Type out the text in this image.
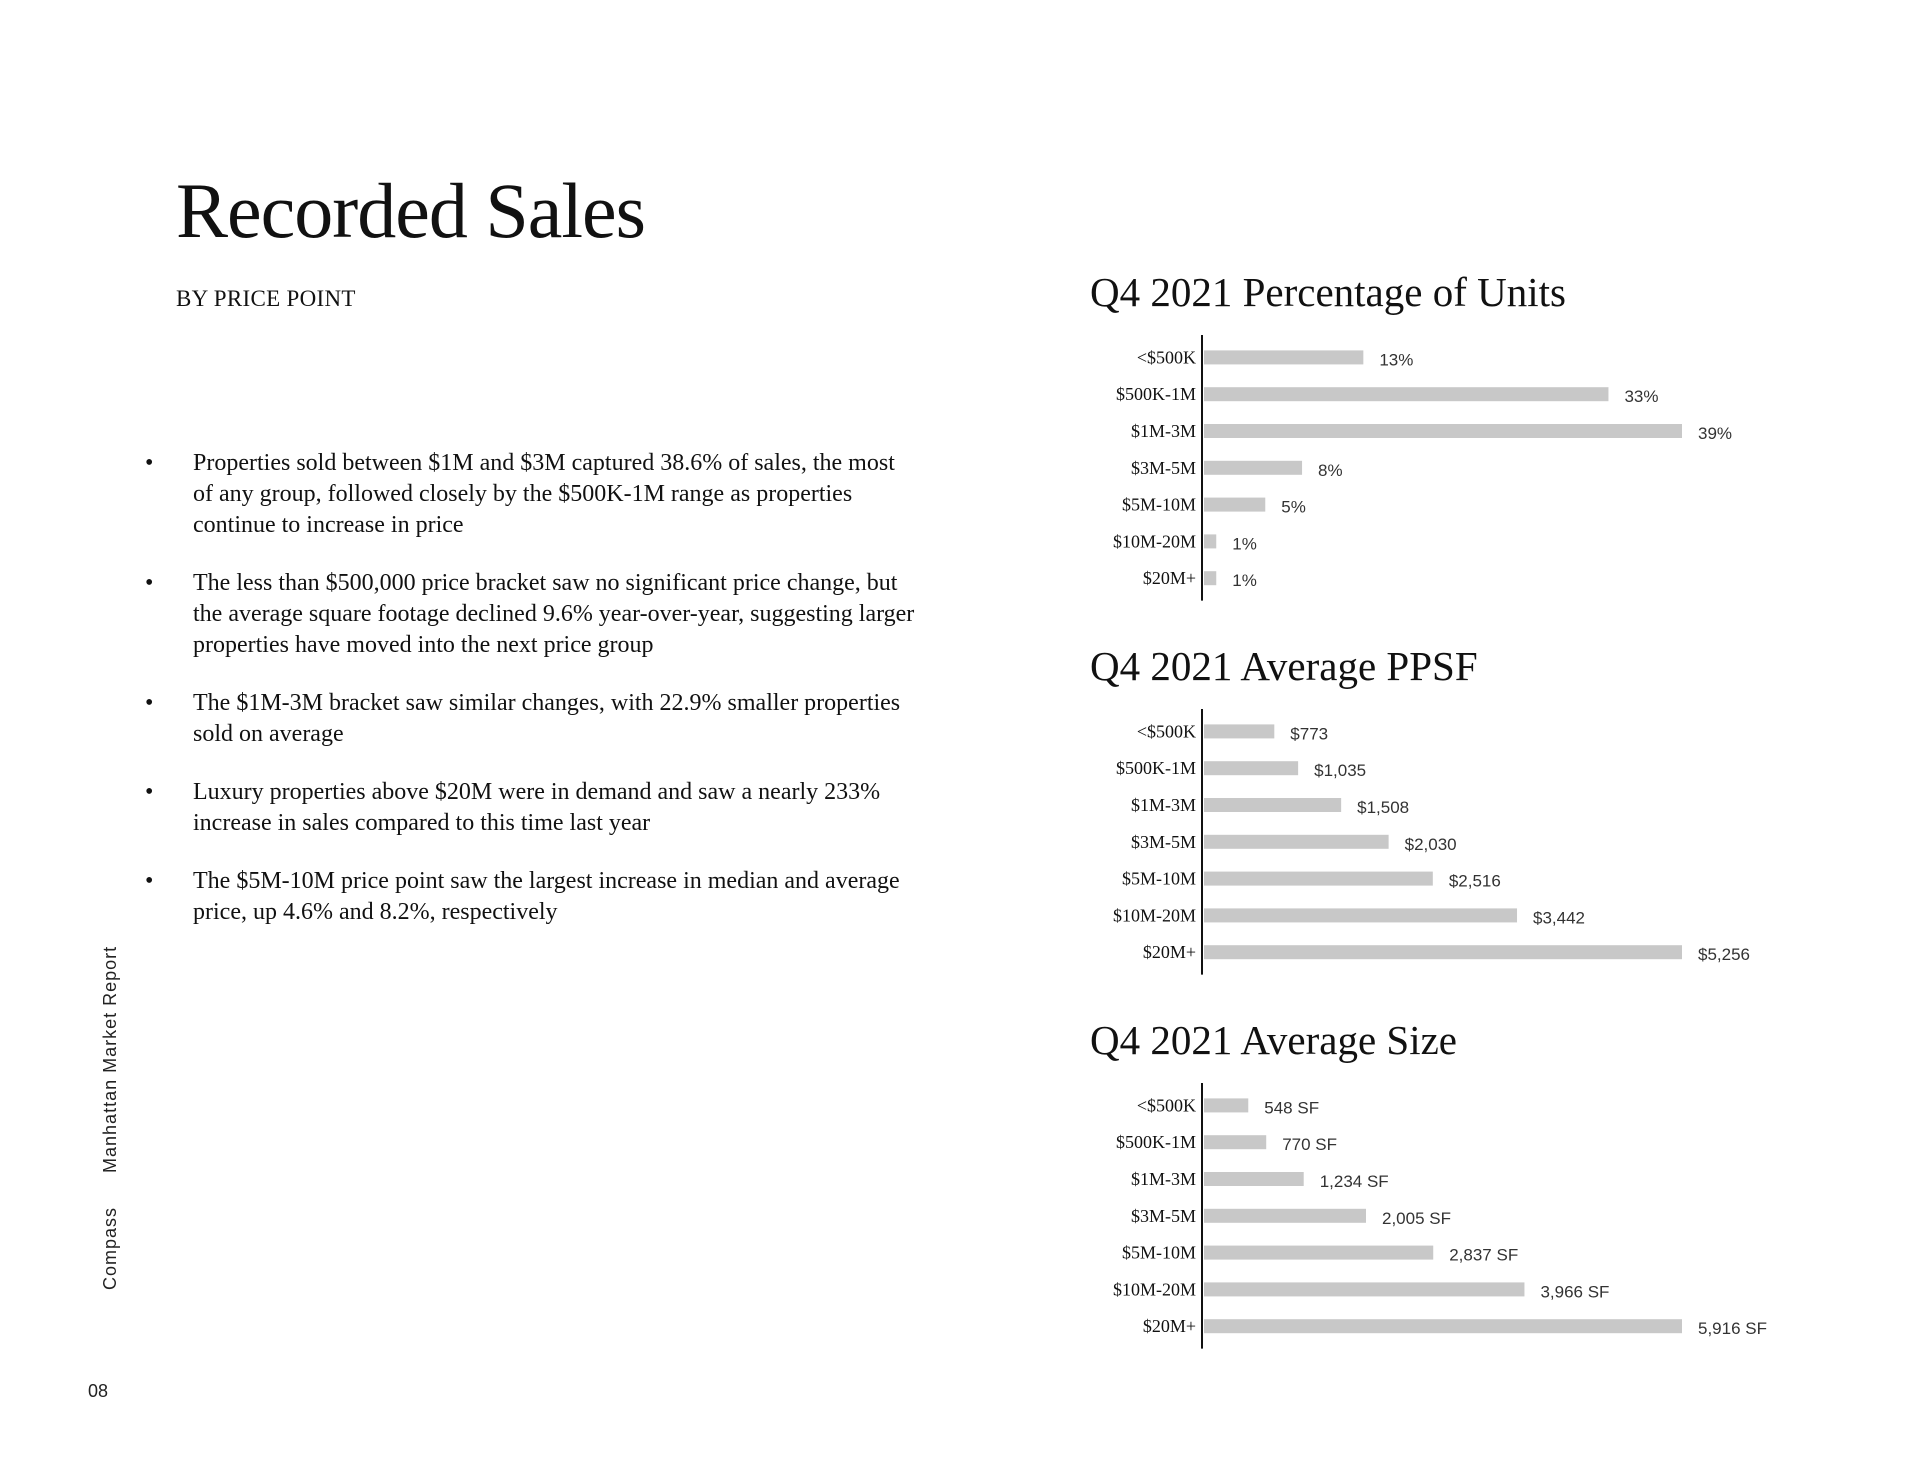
Recorded Sales
BY PRICE POINT
• Properties sold between $1M and $3M captured 38.6% of sales, the most of any group, followed closely by the $500K-1M range as properties continue to increase in price
• The less than $500,000 price bracket saw no significant price change, but the average square footage declined 9.6% year-over-year, suggesting larger properties have moved into the next price group
• The $1M-3M bracket saw similar changes, with 22.9% smaller properties sold on average
• Luxury properties above $20M were in demand and saw a nearly 233% increase in sales compared to this time last year
• The $5M-10M price point saw the largest increase in median and average price, up 4.6% and 8.2%, respectively
CompassManhattan Market Report
08
Q4 2021 Percentage of Units
<$500K	13%
$500K-1M	33%
$1M-3M	39%
$3M-5M	8%
$5M-10M	5%
$10M-20M 1%
$20M+ 1%
Q4 2021 Average PPSF
<$500K	$773
$500K-1M	$1,035
$1M-3M	$1,508
$3M-5M	$2,030
$5M-10M	$2,516
$10M-20M	$3,442
$20M+	$5,256
Q4 2021 Average Size
<$500K	548 SF
$500K-1M	770 SF
$1M-3M	1,234 SF
$3M-5M	2,005 SF
$5M-10M	2,837 SF
$10M-20M	3,966 SF
$20M+	5,916 SF
